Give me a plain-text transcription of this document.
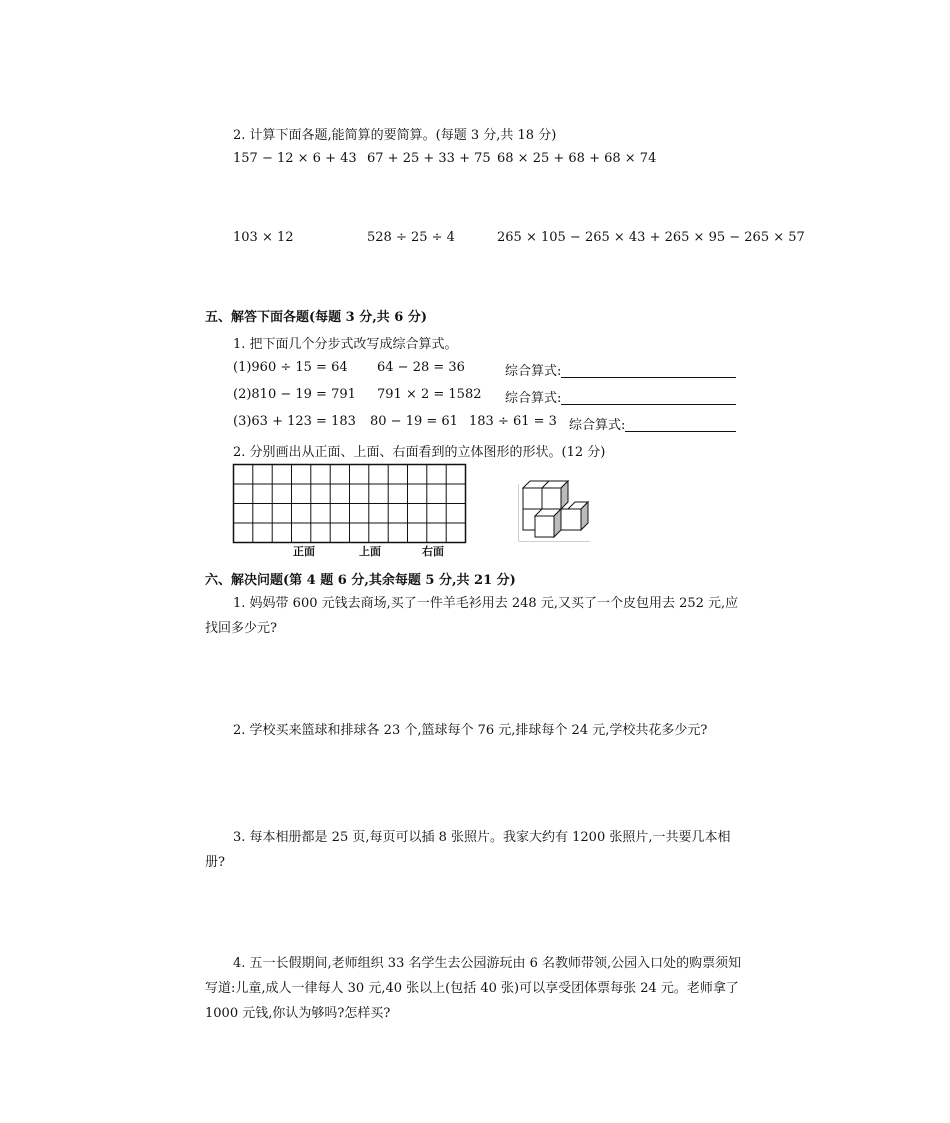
2. 计算下面各题,能简算的要简算。(每题 3 分,共 18 分)
157 − 12 × 6 + 43 67 + 25 + 33 + 75 68 × 25 + 68 + 68 × 74
103 × 12	528 ÷ 25 ÷ 4	265 × 105 − 265 × 43 + 265 × 95 − 265 × 57
五、解答下面各题(每题 3 分,共 6 分)
1. 把下面几个分步式改写成综合算式。
(1)960 ÷ 15 = 64 64 − 28 = 36	综合算式:
(2)810 − 19 = 791 791 × 2 = 1582 综合算式:
(3)63 + 123 = 183 80 − 19 = 61 183 ÷ 61 = 3 综合算式:
2. 分别画出从正面、上面、右面看到的立体图形的形状。(12 分)
正面	上面	右面
六、解决问题(第 4 题 6 分,其余每题 5 分,共 21 分)
1. 妈妈带 600 元钱去商场,买了一件羊毛衫用去 248 元,又买了一个皮包用去 252 元,应找回多少元?
2. 学校买来篮球和排球各 23 个,篮球每个 76 元,排球每个 24 元,学校共花多少元?
3. 每本相册都是 25 页,每页可以插 8 张照片。我家大约有 1200 张照片,一共要几本相册?
4. 五一长假期间,老师组织 33 名学生去公园游玩由 6 名教师带领,公园入口处的购票须知写道:儿童,成人一律每人 30 元,40 张以上(包括 40 张)可以享受团体票每张 24 元。老师拿了 1000 元钱,你认为够吗?怎样买?
